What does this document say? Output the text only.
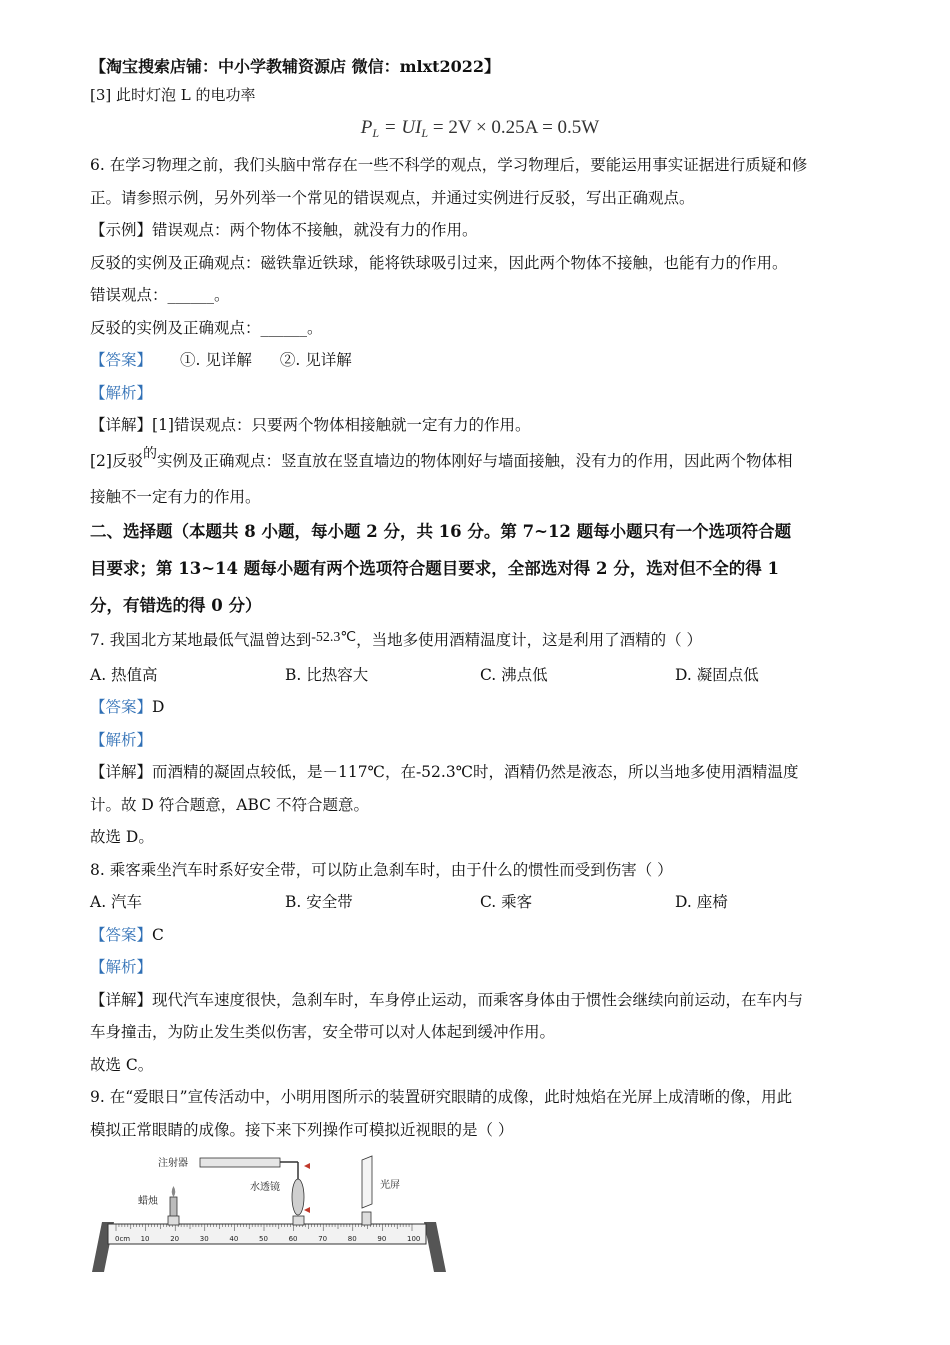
【淘宝搜索店铺：中小学教辅资源店 微信：mlxt2022】
[3] 此时灯泡 L 的电功率
$P_L = UI_L = 2V \times 0.25A = 0.5W$
6. 在学习物理之前，我们头脑中常存在一些不科学的观点，学习物理后，要能运用事实证据进行质疑和修
正。请参照示例，另外列举一个常见的错误观点，并通过实例进行反驳，写出正确观点。
【示例】错误观点：两个物体不接触，就没有力的作用。
反驳的实例及正确观点：磁铁靠近铁球，能将铁球吸引过来，因此两个物体不接触，也能有力的作用。
错误观点：______。
反驳的实例及正确观点：______。
【答案】 ①. 见详解 ②. 见详解
【解析】
【详解】[1]错误观点：只要两个物体相接触就一定有力的作用。
[2]反驳的实例及正确观点：竖直放在竖直墙边的物体刚好与墙面接触，没有力的作用，因此两个物体相
接触不一定有力的作用。
二、选择题（本题共 8 小题，每小题 2 分，共 16 分。第 7~12 题每小题只有一个选项符合题
目要求；第 13~14 题每小题有两个选项符合题目要求，全部选对得 2 分，选对但不全的得 1
分，有错选的得 0 分）
7. 我国北方某地最低气温曾达到-52.3℃，当地多使用酒精温度计，这是利用了酒精的（ ）
A. 热值高	B. 比热容大	C. 沸点低	D. 凝固点低
【答案】D
【解析】
【详解】而酒精的凝固点较低，是－117℃，在-52.3℃时，酒精仍然是液态，所以当地多使用酒精温度
计。故 D 符合题意，ABC 不符合题意。
故选 D。
8. 乘客乘坐汽车时系好安全带，可以防止急刹车时，由于什么的惯性而受到伤害（ ）
A. 汽车	B. 安全带	C. 乘客	D. 座椅
【答案】C
【解析】
【详解】现代汽车速度很快，急刹车时，车身停止运动，而乘客身体由于惯性会继续向前运动，在车内与
车身撞击，为防止发生类似伤害，安全带可以对人体起到缓冲作用。
故选 C。
9. 在“爱眼日”宣传活动中，小明用图所示的装置研究眼睛的成像，此时烛焰在光屏上成清晰的像，用此
模拟正常眼睛的成像。接下来下列操作可模拟近视眼的是（ ）
0cm 10	20	30	40	50	60	70	80	90	100
蜡烛
注射器
水透镜	光屏
